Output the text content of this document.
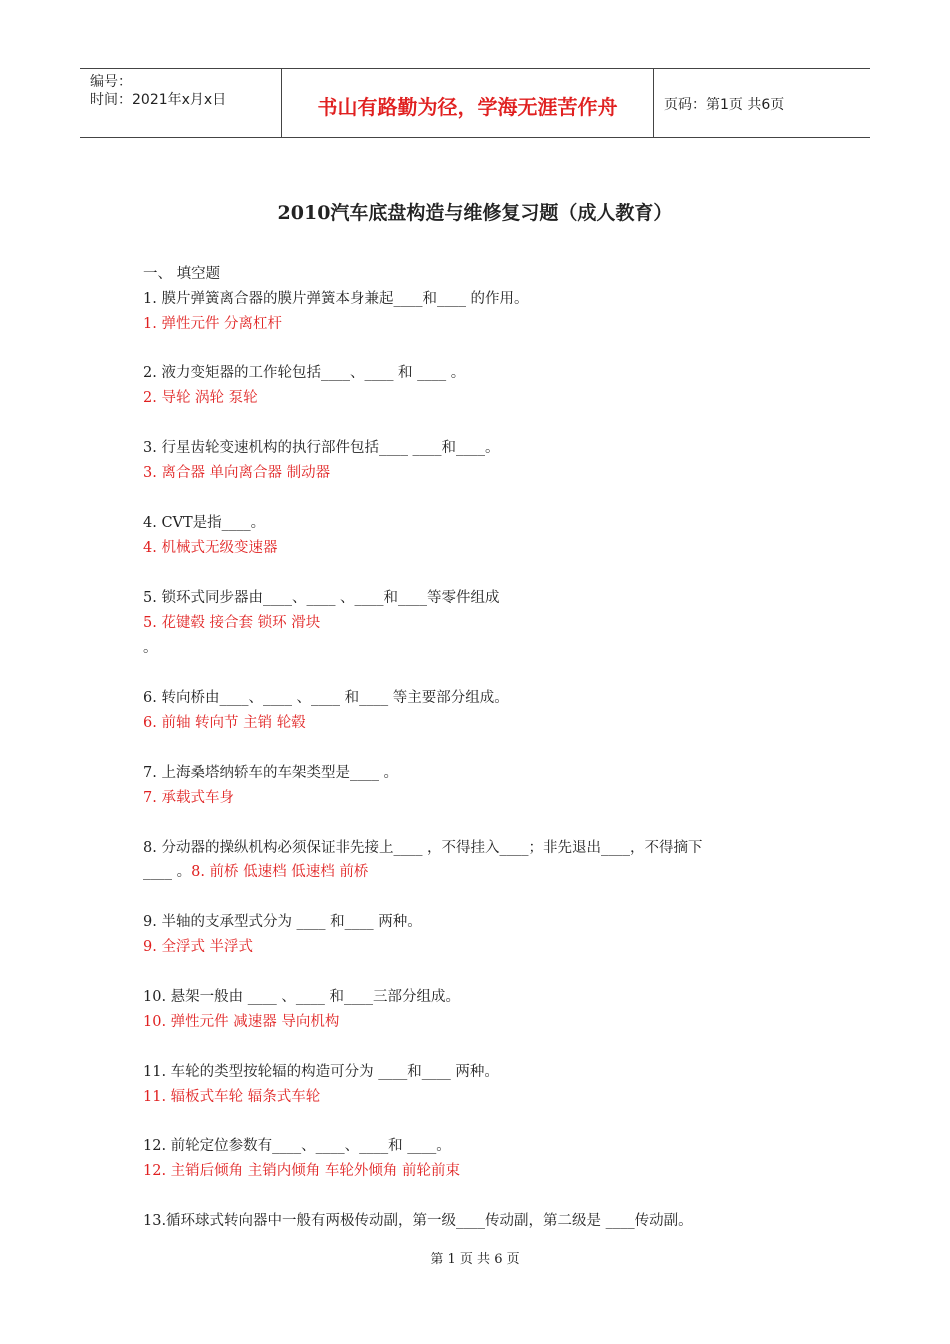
编号：
时间：2021年x月x日	书山有路勤为径，学海无涯苦作舟	页码：第1页 共6页
2010汽车底盘构造与维修复习题（成人教育）
一、 填空题
1. 膜片弹簧离合器的膜片弹簧本身兼起____和____ 的作用。
1. 弹性元件 分离杠杆
2. 液力变矩器的工作轮包括____、____ 和 ____ 。
2. 导轮 涡轮 泵轮
3. 行星齿轮变速机构的执行部件包括____ ____和____。
3. 离合器 单向离合器 制动器
4. CVT是指____。
4. 机械式无级变速器
5. 锁环式同步器由____、____ 、____和____等零件组成
5. 花键毂 接合套 锁环 滑块
。
6. 转向桥由____、____ 、____ 和____ 等主要部分组成。
6. 前轴 转向节 主销 轮毂
7. 上海桑塔纳轿车的车架类型是____ 。
7. 承载式车身
8. 分动器的操纵机构必须保证非先接上____ ，不得挂入____；非先退出____，不得摘下
____ 。8. 前桥 低速档 低速档 前桥
9. 半轴的支承型式分为 ____ 和____ 两种。
9. 全浮式 半浮式
10. 悬架一般由 ____ 、____ 和____三部分组成。
10. 弹性元件 减速器 导向机构
11. 车轮的类型按轮辐的构造可分为 ____和____ 两种。
11. 辐板式车轮 辐条式车轮
12. 前轮定位参数有____、____、____和 ____。
12. 主销后倾角 主销内倾角 车轮外倾角 前轮前束
13.循环球式转向器中一般有两极传动副，第一级____传动副，第二级是 ____传动副。
第 1 页 共 6 页
